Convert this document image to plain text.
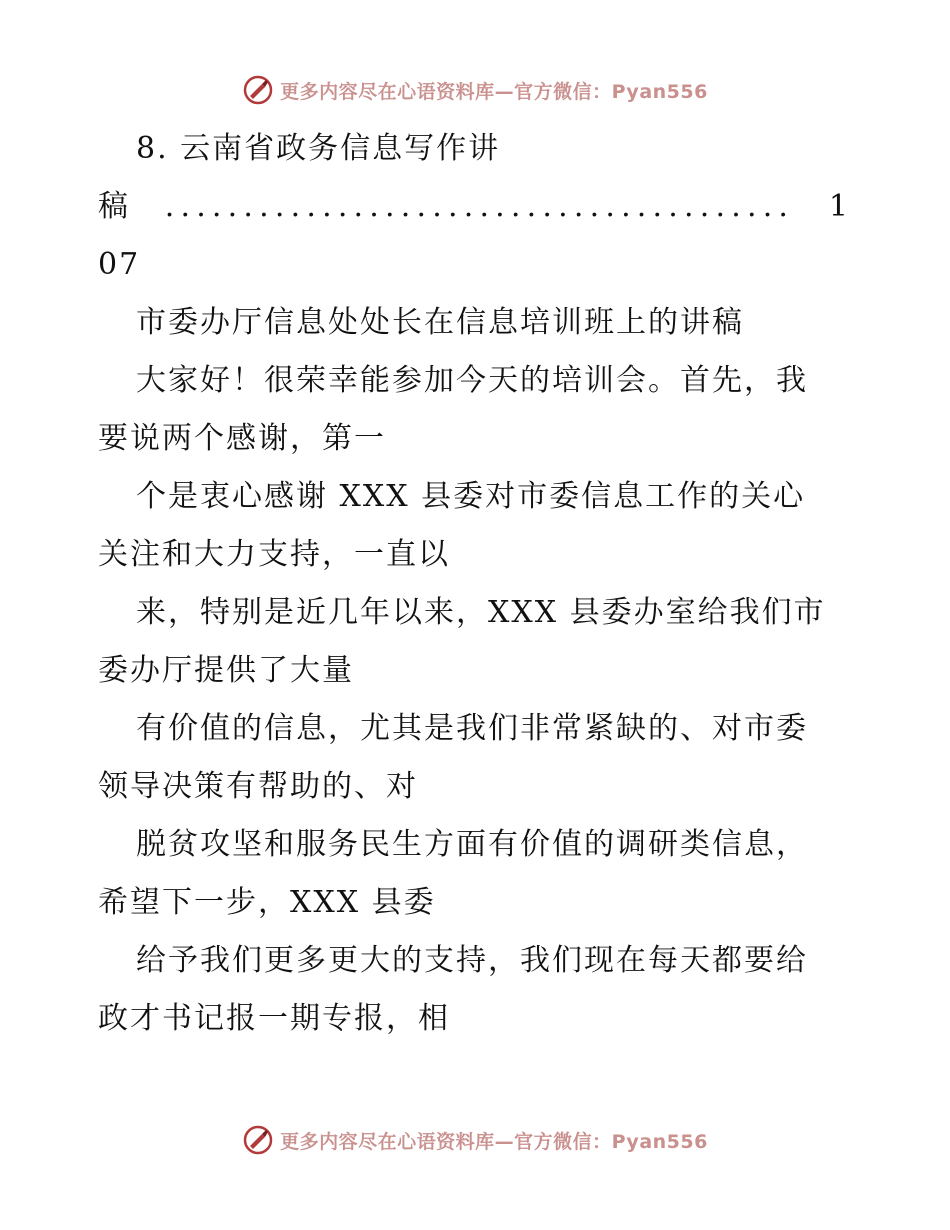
更多内容尽在心语资料库—官方微信：Pyan556
8. 云南省政务信息写作讲
稿 ........................................ 1
07
市委办厅信息处处长在信息培训班上的讲稿
大家好！很荣幸能参加今天的培训会。首先，我
要说两个感谢，第一
个是衷心感谢 XXX 县委对市委信息工作的关心
关注和大力支持，一直以
来，特别是近几年以来，XXX 县委办室给我们市
委办厅提供了大量
有价值的信息，尤其是我们非常紧缺的、对市委
领导决策有帮助的、对
脱贫攻坚和服务民生方面有价值的调研类信息，
希望下一步，XXX 县委
给予我们更多更大的支持，我们现在每天都要给
政才书记报一期专报，相
更多内容尽在心语资料库—官方微信：Pyan556
